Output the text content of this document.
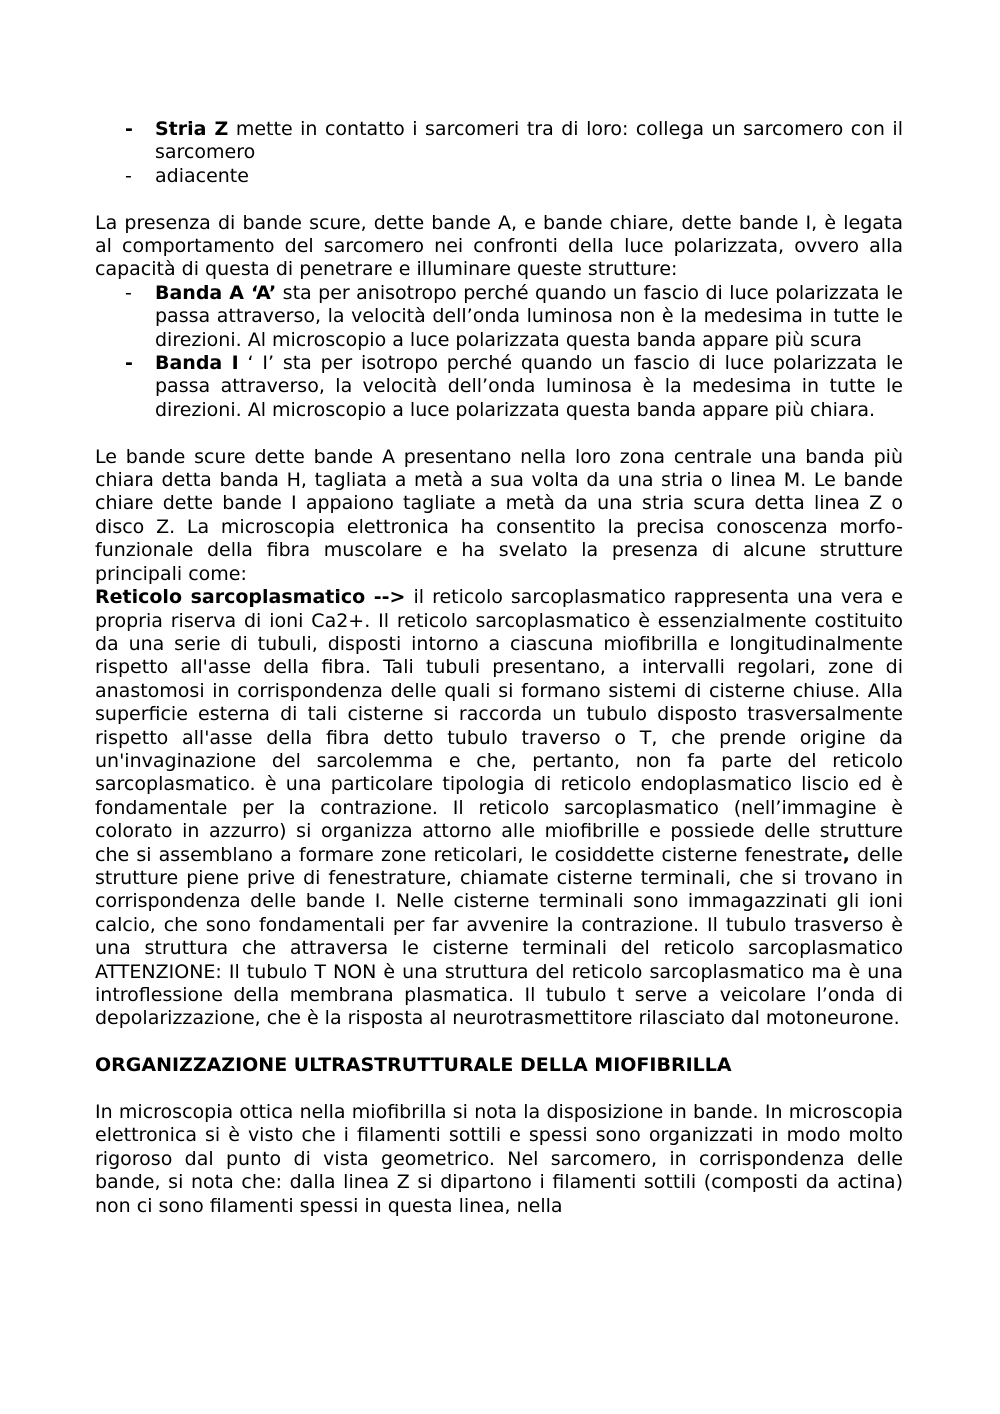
- Stria Z mette in contatto i sarcomeri tra di loro: collega un sarcomero con il sarcomero
- adiacente

La presenza di bande scure, dette bande A, e bande chiare, dette bande I, è legata al comportamento del sarcomero nei confronti della luce polarizzata, ovvero alla capacità di questa di penetrare e illuminare queste strutture:

- Banda A ‘A’ sta per anisotropo perché quando un fascio di luce polarizzata le passa attraverso, la velocità dell’onda luminosa non è la medesima in tutte le direzioni. Al microscopio a luce polarizzata questa banda appare più scura
- Banda I ‘ I’ sta per isotropo perché quando un fascio di luce polarizzata le passa attraverso, la velocità dell’onda luminosa è la medesima in tutte le direzioni. Al microscopio a luce polarizzata questa banda appare più chiara.

Le bande scure dette bande A presentano nella loro zona centrale una banda più chiara detta banda H, tagliata a metà a sua volta da una stria o linea M. Le bande chiare dette bande I appaiono tagliate a metà da una stria scura detta linea Z o disco Z. La microscopia elettronica ha consentito la precisa conoscenza morfo-funzionale della fibra muscolare e ha svelato la presenza di alcune strutture principali come:

Reticolo sarcoplasmatico --> il reticolo sarcoplasmatico rappresenta una vera e propria riserva di ioni Ca2+. Il reticolo sarcoplasmatico è essenzialmente costituito da una serie di tubuli, disposti intorno a ciascuna miofibrilla e longitudinalmente rispetto all'asse della fibra. Tali tubuli presentano, a intervalli regolari, zone di anastomosi in corrispondenza delle quali si formano sistemi di cisterne chiuse. Alla superficie esterna di tali cisterne si raccorda un tubulo disposto trasversalmente rispetto all'asse della fibra detto tubulo traverso o T, che prende origine da un'invaginazione del sarcolemma e che, pertanto, non fa parte del reticolo sarcoplasmatico. è una particolare tipologia di reticolo endoplasmatico liscio ed è fondamentale per la contrazione. Il reticolo sarcoplasmatico (nell’immagine è colorato in azzurro) si organizza attorno alle miofibrille e possiede delle strutture che si assemblano a formare zone reticolari, le cosiddette cisterne fenestrate, delle strutture piene prive di fenestrature, chiamate cisterne terminali, che si trovano in corrispondenza delle bande I. Nelle cisterne terminali sono immagazzinati gli ioni calcio, che sono fondamentali per far avvenire la contrazione. Il tubulo trasverso è una struttura che attraversa le cisterne terminali del reticolo sarcoplasmatico ATTENZIONE: Il tubulo T NON è una struttura del reticolo sarcoplasmatico ma è una introflessione della membrana plasmatica. Il tubulo t serve a veicolare l’onda di depolarizzazione, che è la risposta al neurotrasmettitore rilasciato dal motoneurone.

ORGANIZZAZIONE ULTRASTRUTTURALE DELLA MIOFIBRILLA

In microscopia ottica nella miofibrilla si nota la disposizione in bande. In microscopia elettronica si è visto che i filamenti sottili e spessi sono organizzati in modo molto rigoroso dal punto di vista geometrico. Nel sarcomero, in corrispondenza delle bande, si nota che: dalla linea Z si dipartono i filamenti sottili (composti da actina) non ci sono filamenti spessi in questa linea, nella
